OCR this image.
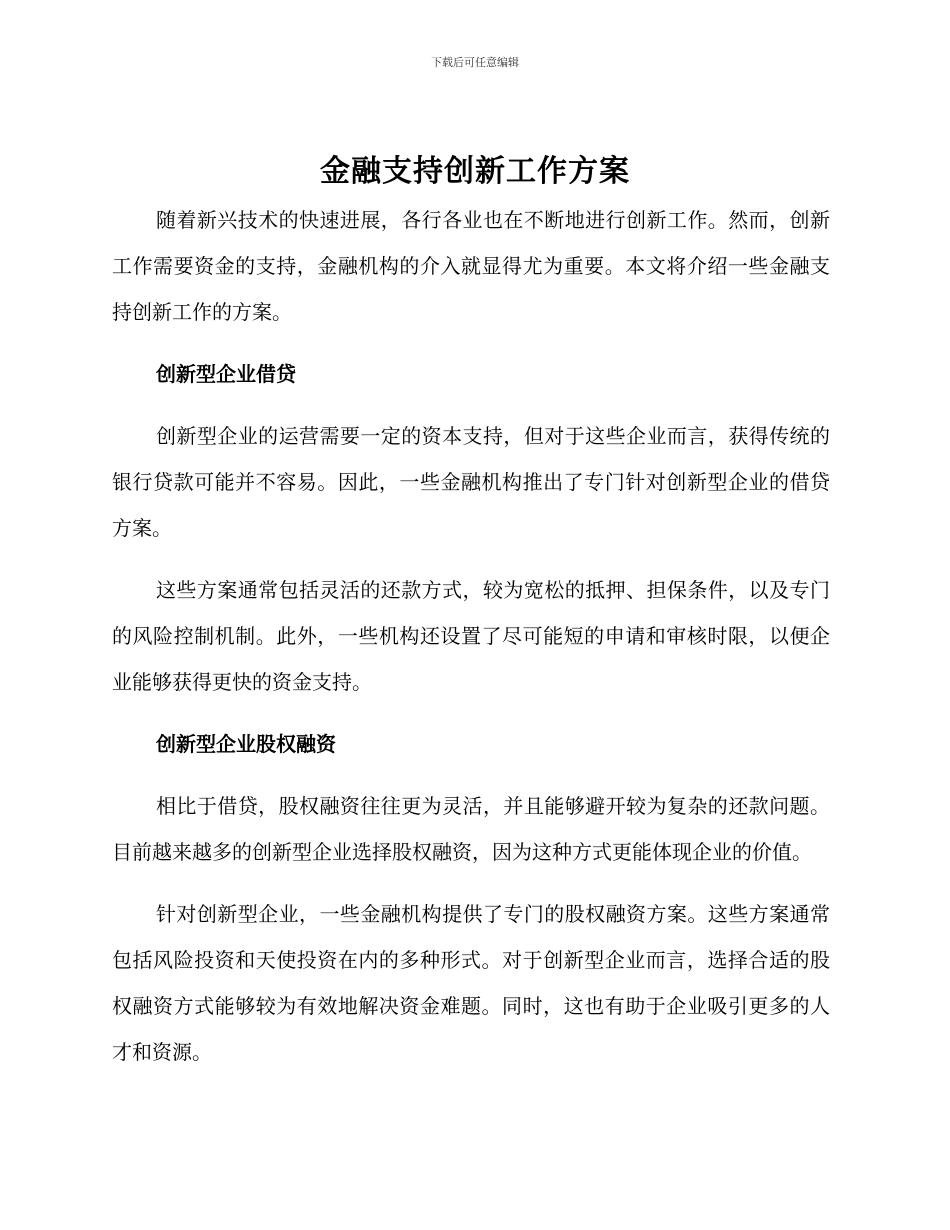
下载后可任意编辑
金融支持创新工作方案

随着新兴技术的快速进展，各行各业也在不断地进行创新工作。然而，创新工作需要资金的支持，金融机构的介入就显得尤为重要。本文将介绍一些金融支持创新工作的方案。

创新型企业借贷

创新型企业的运营需要一定的资本支持，但对于这些企业而言，获得传统的银行贷款可能并不容易。因此，一些金融机构推出了专门针对创新型企业的借贷方案。

这些方案通常包括灵活的还款方式，较为宽松的抵押、担保条件，以及专门的风险控制机制。此外，一些机构还设置了尽可能短的申请和审核时限，以便企业能够获得更快的资金支持。

创新型企业股权融资

相比于借贷，股权融资往往更为灵活，并且能够避开较为复杂的还款问题。目前越来越多的创新型企业选择股权融资，因为这种方式更能体现企业的价值。

针对创新型企业，一些金融机构提供了专门的股权融资方案。这些方案通常包括风险投资和天使投资在内的多种形式。对于创新型企业而言，选择合适的股权融资方式能够较为有效地解决资金难题。同时，这也有助于企业吸引更多的人才和资源。
